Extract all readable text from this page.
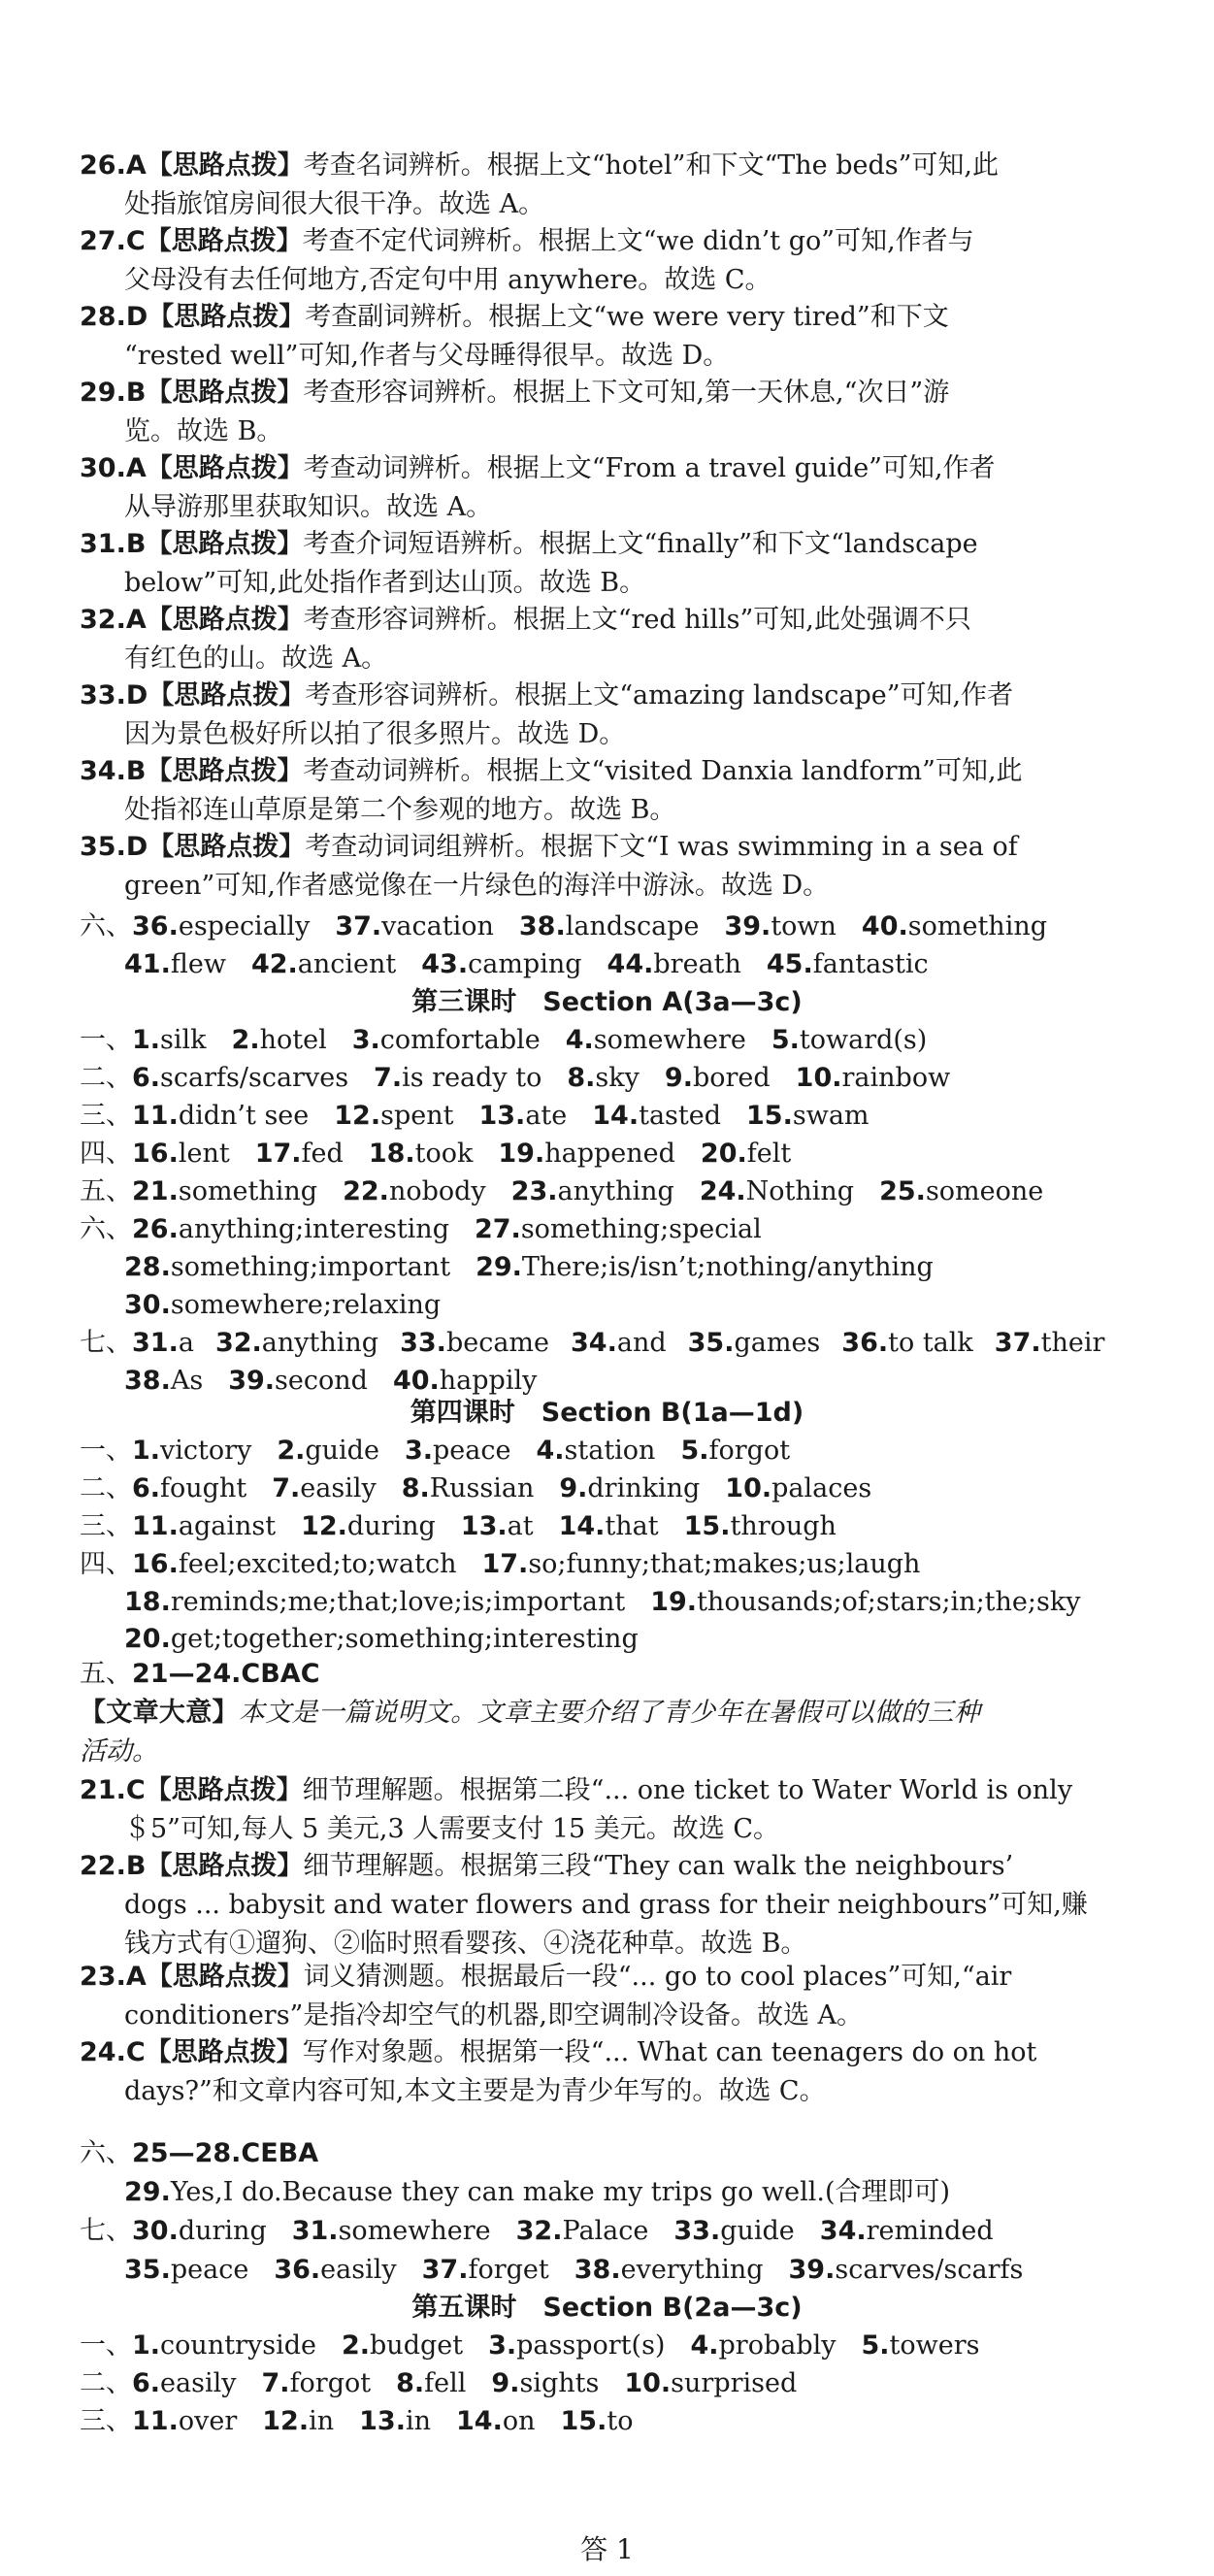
26.A【思路点拨】考查名词辨析。根据上文“hotel”和下文“The beds”可知,此
处指旅馆房间很大很干净。故选 A。
27.C【思路点拨】考查不定代词辨析。根据上文“we didn’t go”可知,作者与
父母没有去任何地方,否定句中用 anywhere。故选 C。
28.D【思路点拨】考查副词辨析。根据上文“we were very tired”和下文
“rested well”可知,作者与父母睡得很早。故选 D。
29.B【思路点拨】考查形容词辨析。根据上下文可知,第一天休息,“次日”游
览。故选 B。
30.A【思路点拨】考查动词辨析。根据上文“From a travel guide”可知,作者
从导游那里获取知识。故选 A。
31.B【思路点拨】考查介词短语辨析。根据上文“finally”和下文“landscape
below”可知,此处指作者到达山顶。故选 B。
32.A【思路点拨】考查形容词辨析。根据上文“red hills”可知,此处强调不只
有红色的山。故选 A。
33.D【思路点拨】考查形容词辨析。根据上文“amazing landscape”可知,作者
因为景色极好所以拍了很多照片。故选 D。
34.B【思路点拨】考查动词辨析。根据上文“visited Danxia landform”可知,此
处指祁连山草原是第二个参观的地方。故选 B。
35.D【思路点拨】考查动词词组辨析。根据下文“I was swimming in a sea of
green”可知,作者感觉像在一片绿色的海洋中游泳。故选 D。
六、36.especially 37.vacation 38.landscape 39.town 40.something
41.flew 42.ancient 43.camping 44.breath 45.fantastic
第三课时　Section A(3a—3c)
一、1.silk 2.hotel 3.comfortable 4.somewhere 5.toward(s)
二、6.scarfs/scarves 7.is ready to 8.sky 9.bored 10.rainbow
三、11.didn’t see 12.spent 13.ate 14.tasted 15.swam
四、16.lent 17.fed 18.took 19.happened 20.felt
五、21.something 22.nobody 23.anything 24.Nothing 25.someone
六、26.anything;interesting 27.something;special
28.something;important 29.There;is/isn’t;nothing/anything
30.somewhere;relaxing
七、31.a 32.anything 33.became 34.and 35.games 36.to talk 37.their
38.As 39.second 40.happily
第四课时　Section B(1a—1d)
一、1.victory 2.guide 3.peace 4.station 5.forgot
二、6.fought 7.easily 8.Russian 9.drinking 10.palaces
三、11.against 12.during 13.at 14.that 15.through
四、16.feel;excited;to;watch 17.so;funny;that;makes;us;laugh
18.reminds;me;that;love;is;important 19.thousands;of;stars;in;the;sky
20.get;together;something;interesting
五、21—24.CBAC
【文章大意】本文是一篇说明文。文章主要介绍了青少年在暑假可以做的三种
活动。
21.C【思路点拨】细节理解题。根据第二段“... one ticket to Water World is only
＄5”可知,每人 5 美元,3 人需要支付 15 美元。故选 C。
22.B【思路点拨】细节理解题。根据第三段“They can walk the neighbours’
dogs ... babysit and water flowers and grass for their neighbours”可知,赚
钱方式有①遛狗、②临时照看婴孩、④浇花种草。故选 B。
23.A【思路点拨】词义猜测题。根据最后一段“... go to cool places”可知,“air
conditioners”是指冷却空气的机器,即空调制冷设备。故选 A。
24.C【思路点拨】写作对象题。根据第一段“... What can teenagers do on hot
days?”和文章内容可知,本文主要是为青少年写的。故选 C。
六、25—28.CEBA
29.Yes,I do.Because they can make my trips go well.(合理即可)
七、30.during 31.somewhere 32.Palace 33.guide 34.reminded
35.peace 36.easily 37.forget 38.everything 39.scarves/scarfs
第五课时　Section B(2a—3c)
一、1.countryside 2.budget 3.passport(s) 4.probably 5.towers
二、6.easily 7.forgot 8.fell 9.sights 10.surprised
三、11.over 12.in 13.in 14.on 15.to
答 1
